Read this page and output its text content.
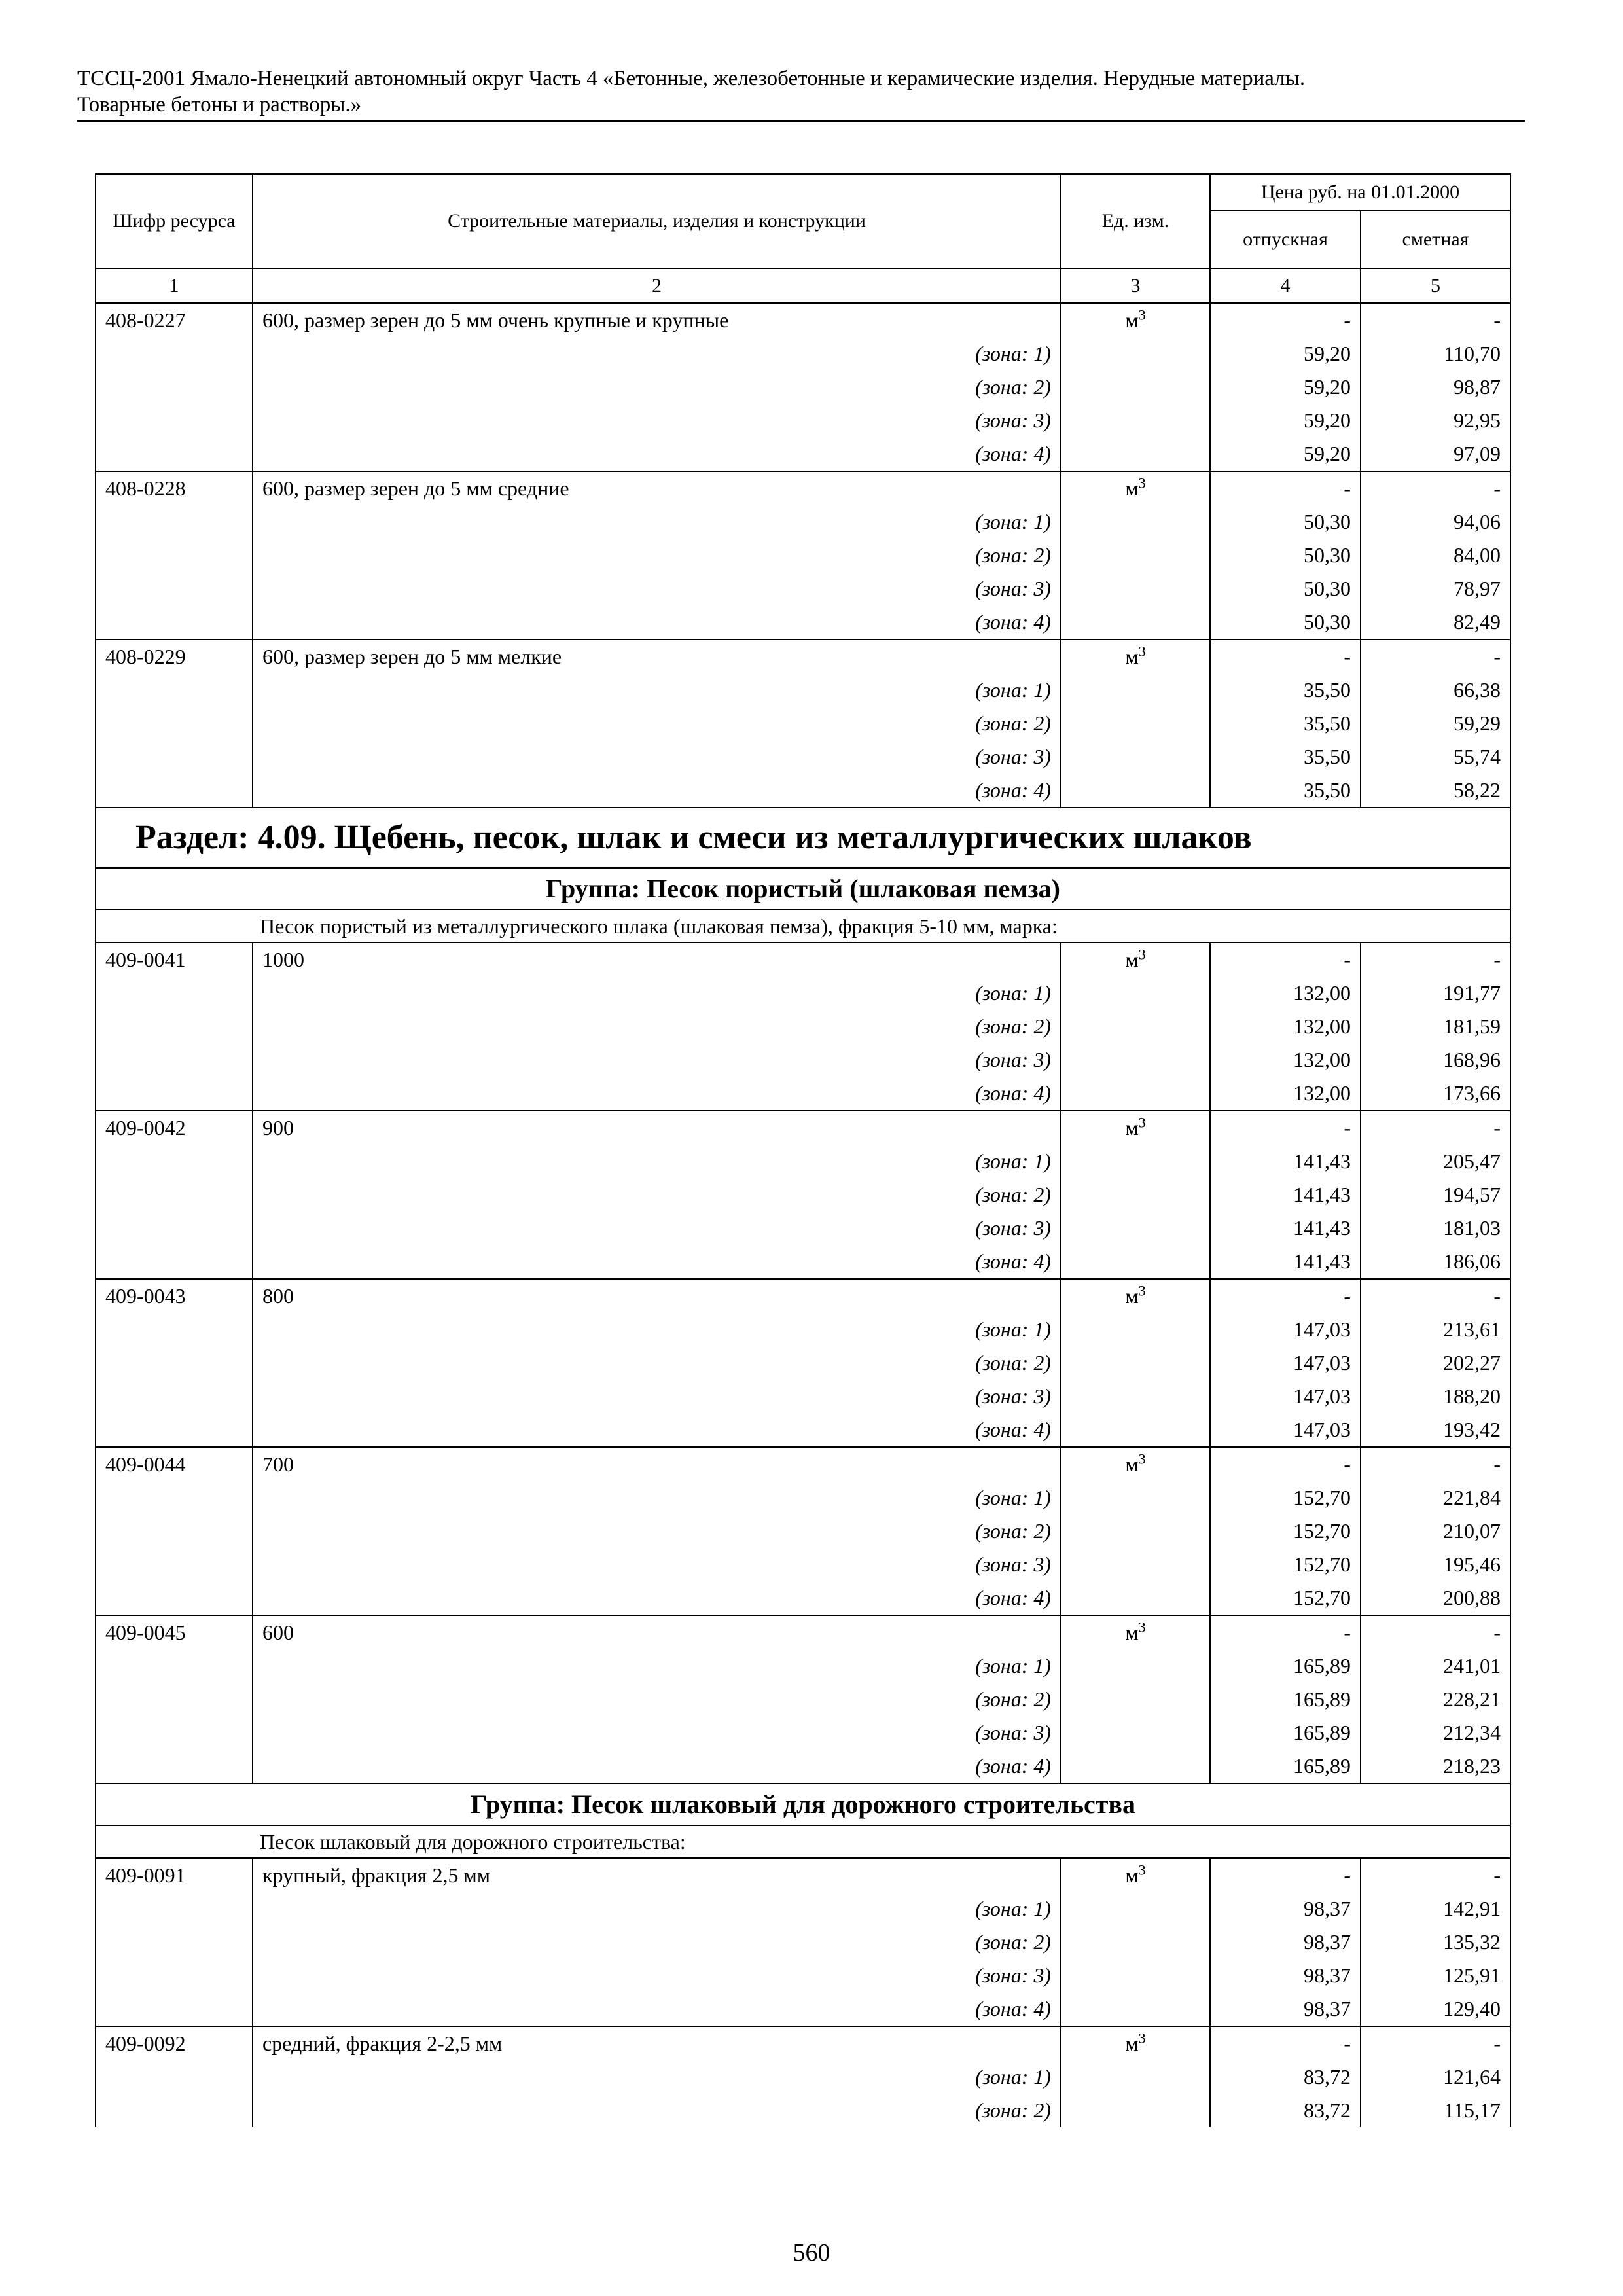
ТССЦ-2001 Ямало-Ненецкий автономный округ Часть 4 «Бетонные, железобетонные и керамические изделия. Нерудные материалы.
Товарные бетоны и растворы.»
Шифр ресурса	Строительные материалы, изделия и конструкции	Ед. изм.	Цена руб. на 01.01.2000	
			отпускная	сметная
1	2	3	4	5
408-0227	600, размер зерен до 5 мм очень крупные и крупные	$м^3$	-	-
	(зона: 1)		59,20	110,70
	(зона: 2)		59,20	98,87
	(зона: 3)		59,20	92,95
	(зона: 4)		59,20	97,09
408-0228	600, размер зерен до 5 мм средние	$м^3$	-	-
	(зона: 1)		50,30	94,06
	(зона: 2)		50,30	84,00
	(зона: 3)		50,30	78,97
	(зона: 4)		50,30	82,49
408-0229	600, размер зерен до 5 мм мелкие	$м^3$	-	-
	(зона: 1)		35,50	66,38
	(зона: 2)		35,50	59,29
	(зона: 3)		35,50	55,74
	(зона: 4)		35,50	58,22
Раздел: 4.09. Щебень, песок, шлак и смеси из металлургических шлаков				
Группа: Песок пористый (шлаковая пемза)				
Песок пористый из металлургического шлака (шлаковая пемза), фракция 5-10 мм, марка:				
409-0041	1000	$м^3$	-	-
	(зона: 1)		132,00	191,77
	(зона: 2)		132,00	181,59
	(зона: 3)		132,00	168,96
	(зона: 4)		132,00	173,66
409-0042	900	$м^3$	-	-
	(зона: 1)		141,43	205,47
	(зона: 2)		141,43	194,57
	(зона: 3)		141,43	181,03
	(зона: 4)		141,43	186,06
409-0043	800	$м^3$	-	-
	(зона: 1)		147,03	213,61
	(зона: 2)		147,03	202,27
	(зона: 3)		147,03	188,20
	(зона: 4)		147,03	193,42
409-0044	700	$м^3$	-	-
	(зона: 1)		152,70	221,84
	(зона: 2)		152,70	210,07
	(зона: 3)		152,70	195,46
	(зона: 4)		152,70	200,88
409-0045	600	$м^3$	-	-
	(зона: 1)		165,89	241,01
	(зона: 2)		165,89	228,21
	(зона: 3)		165,89	212,34
	(зона: 4)		165,89	218,23
Группа: Песок шлаковый для дорожного строительства				
Песок шлаковый для дорожного строительства:				
409-0091	крупный, фракция 2,5 мм	$м^3$	-	-
	(зона: 1)		98,37	142,91
	(зона: 2)		98,37	135,32
	(зона: 3)		98,37	125,91
	(зона: 4)		98,37	129,40
409-0092	средний, фракция 2-2,5 мм	$м^3$	-	-
	(зона: 1)		83,72	121,64
	(зона: 2)		83,72	115,17
560
